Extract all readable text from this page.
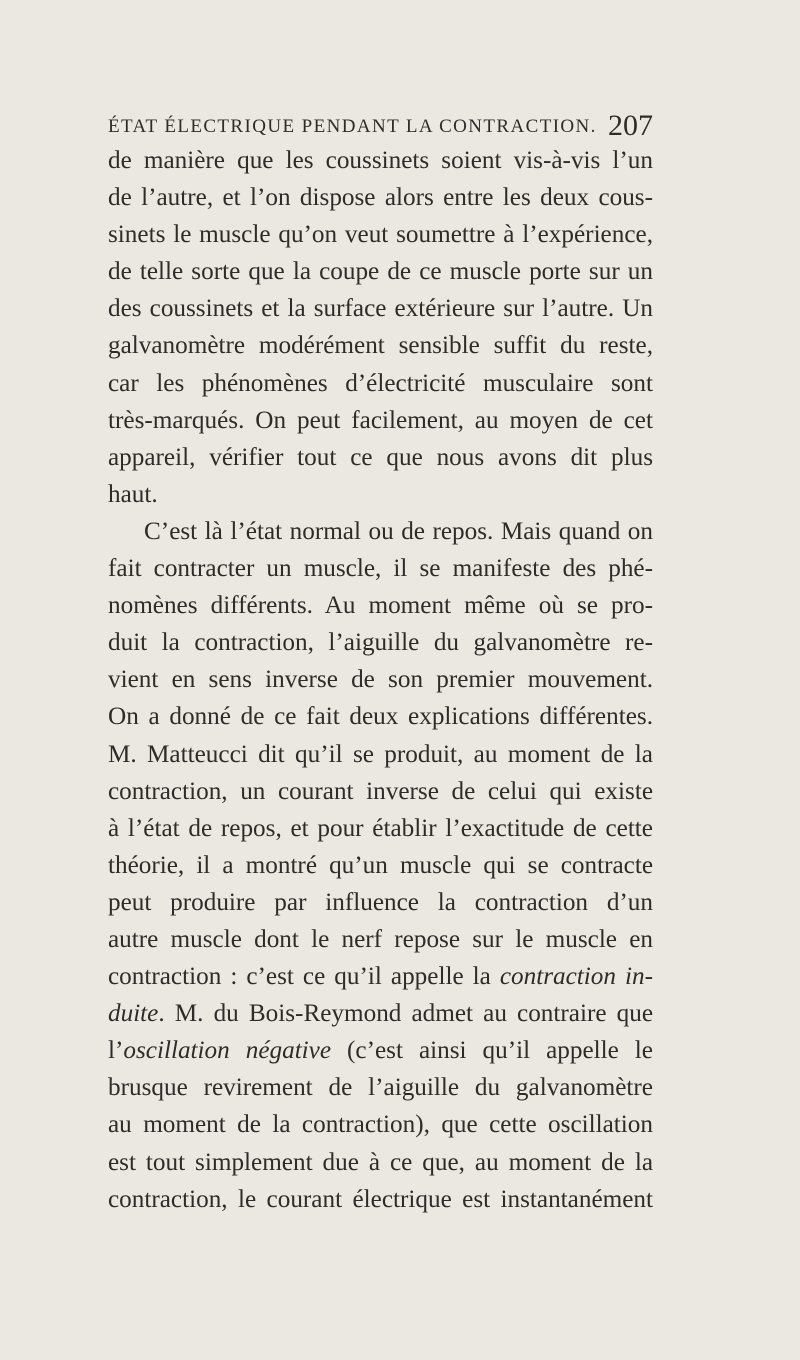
ÉTAT ÉLECTRIQUE PENDANT LA CONTRACTION. 207
de manière que les coussinets soient vis-à-vis l’un
de l’autre, et l’on dispose alors entre les deux cous-
sinets le muscle qu’on veut soumettre à l’expérience,
de telle sorte que la coupe de ce muscle porte sur un
des coussinets et la surface extérieure sur l’autre. Un
galvanomètre modérément sensible suffit du reste,
car les phénomènes d’électricité musculaire sont
très-marqués. On peut facilement, au moyen de cet
appareil, vérifier tout ce que nous avons dit plus
haut.
C’est là l’état normal ou de repos. Mais quand on
fait contracter un muscle, il se manifeste des phé-
nomènes différents. Au moment même où se pro-
duit la contraction, l’aiguille du galvanomètre re-
vient en sens inverse de son premier mouvement.
On a donné de ce fait deux explications différentes.
M. Matteucci dit qu’il se produit, au moment de la
contraction, un courant inverse de celui qui existe
à l’état de repos, et pour établir l’exactitude de cette
théorie, il a montré qu’un muscle qui se contracte
peut produire par influence la contraction d’un
autre muscle dont le nerf repose sur le muscle en
contraction : c’est ce qu’il appelle la contraction in-
duite. M. du Bois-Reymond admet au contraire que
l’oscillation négative (c’est ainsi qu’il appelle le
brusque revirement de l’aiguille du galvanomètre
au moment de la contraction), que cette oscillation
est tout simplement due à ce que, au moment de la
contraction, le courant électrique est instantanément
